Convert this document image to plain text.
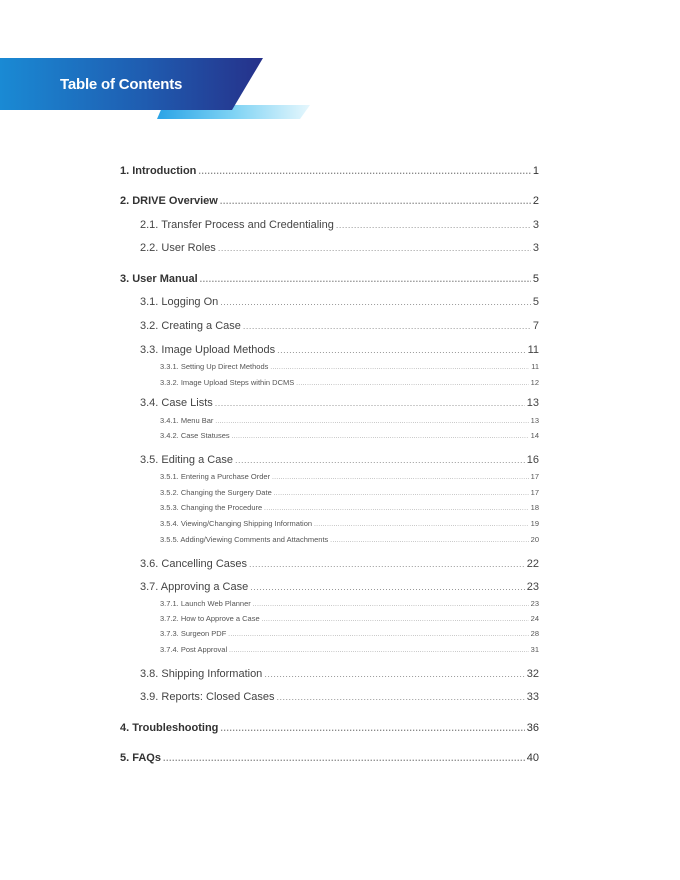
Table of Contents
1. Introduction .....	1
2. DRIVE Overview .....	2
2.1. Transfer Process and Credentialing .....	3
2.2. User Roles .....	3
3. User Manual .....	5
3.1. Logging On .....	5
3.2. Creating a Case .....	7
3.3. Image Upload Methods .....	11
3.3.1. Setting Up Direct Methods .....	11
3.3.2. Image Upload Steps within DCMS .....	12
3.4. Case Lists .....	13
3.4.1. Menu Bar .....	13
3.4.2. Case Statuses .....	14
3.5. Editing a Case .....	16
3.5.1. Entering a Purchase Order .....	17
3.5.2. Changing the Surgery Date .....	17
3.5.3. Changing the Procedure .....	18
3.5.4. Viewing/Changing Shipping Information .....	19
3.5.5. Adding/Viewing Comments and Attachments .....	20
3.6. Cancelling Cases .....	22
3.7. Approving a Case .....	23
3.7.1. Launch Web Planner .....	23
3.7.2. How to Approve a Case .....	24
3.7.3. Surgeon PDF .....	28
3.7.4. Post Approval .....	31
3.8. Shipping Information .....	32
3.9. Reports: Closed Cases .....	33
4. Troubleshooting .....	36
5. FAQs .....	40
